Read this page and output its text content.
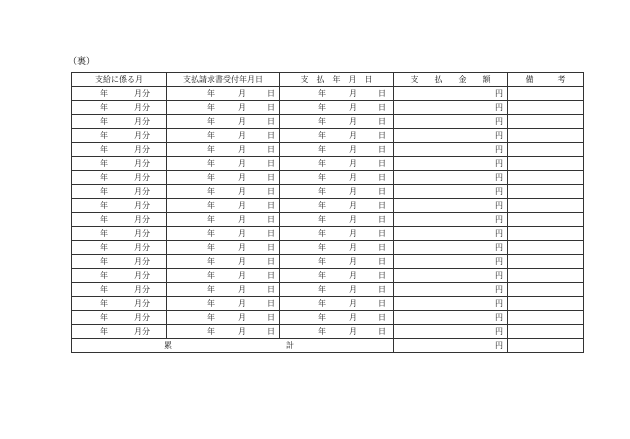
（裏）
支給に係る月	支払請求書受付年月日	支　払　年　月　日	支　　払　　金　　額	備　　　考

年 月分	年 月 日	年 月 日	円	

年 月分	年 月 日	年 月 日	円	

年 月分	年 月 日	年 月 日	円	

年 月分	年 月 日	年 月 日	円	

年 月分	年 月 日	年 月 日	円	

年 月分	年 月 日	年 月 日	円	

年 月分	年 月 日	年 月 日	円	

年 月分	年 月 日	年 月 日	円	

年 月分	年 月 日	年 月 日	円	

年 月分	年 月 日	年 月 日	円	

年 月分	年 月 日	年 月 日	円	

年 月分	年 月 日	年 月 日	円	

年 月分	年 月 日	年 月 日	円	

年 月分	年 月 日	年 月 日	円	

年 月分	年 月 日	年 月 日	円	

年 月分	年 月 日	年 月 日	円	

年 月分	年 月 日	年 月 日	円	

年 月分	年 月 日	年 月 日	円	

累 計			円	
